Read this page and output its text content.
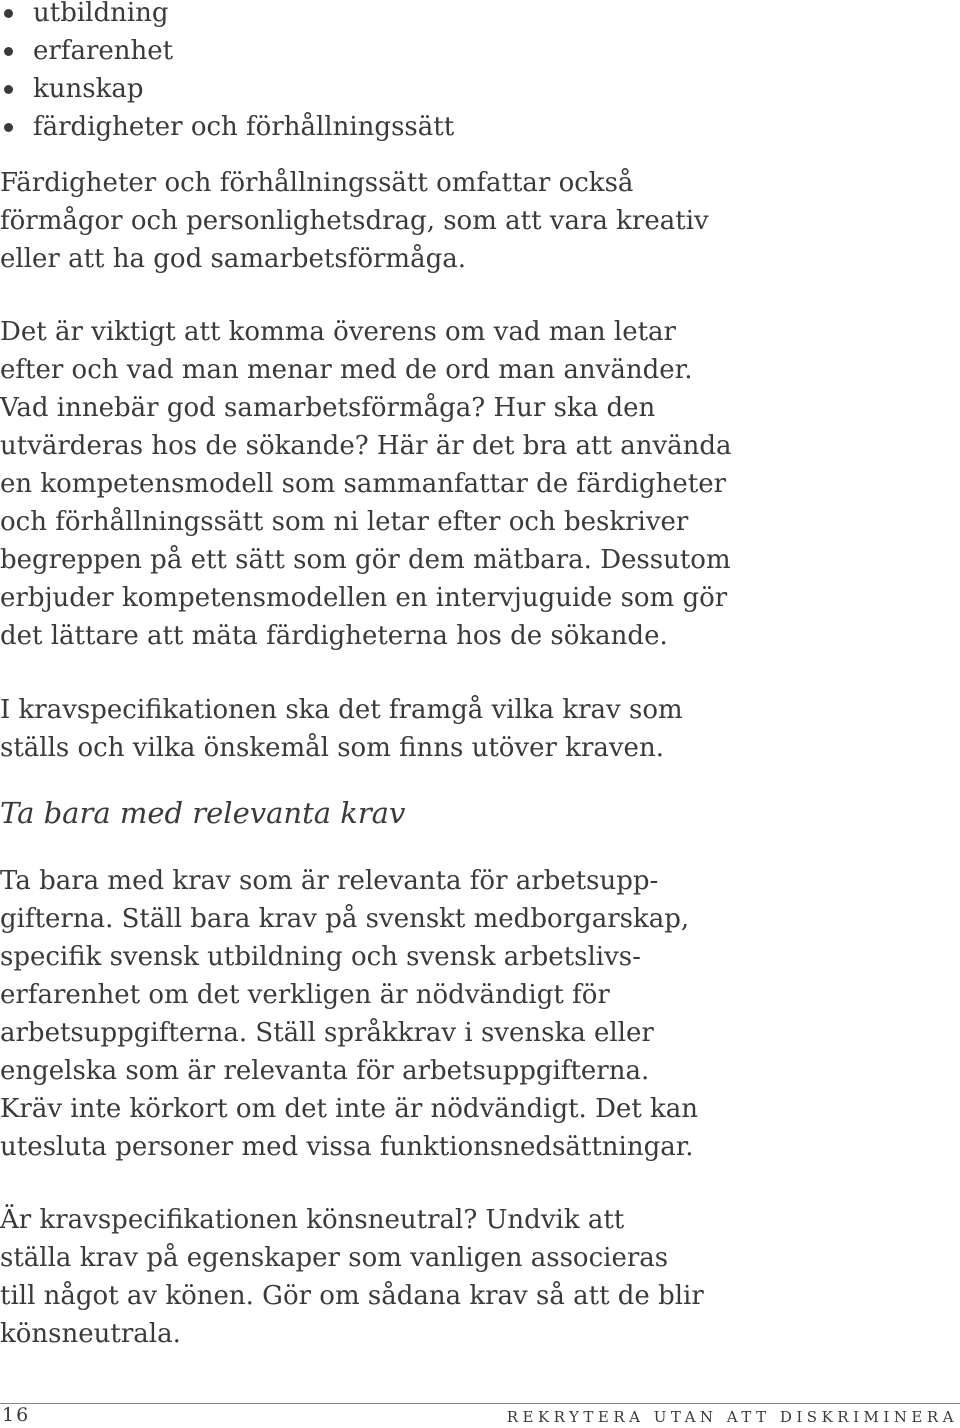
utbildning
erfarenhet
kunskap
färdigheter och förhållningssätt

Färdigheter och förhållningssätt omfattar också
förmågor och personlighetsdrag, som att vara kreativ
eller att ha god samarbetsförmåga.

Det är viktigt att komma överens om vad man letar
efter och vad man menar med de ord man använder.
Vad innebär god samarbetsförmåga? Hur ska den
utvärderas hos de sökande? Här är det bra att använda
en kompetensmodell som sammanfattar de färdigheter
och förhållningssätt som ni letar efter och beskriver
begreppen på ett sätt som gör dem mätbara. Dessutom
erbjuder kompetensmodellen en intervjuguide som gör
det lättare att mäta färdigheterna hos de sökande.

I kravspecifikationen ska det framgå vilka krav som
ställs och vilka önskemål som finns utöver kraven.

Ta bara med relevanta krav

Ta bara med krav som är relevanta för arbetsupp-
gifterna. Ställ bara krav på svenskt medborgarskap,
specifik svensk utbildning och svensk arbetslivs-
erfarenhet om det verkligen är nödvändigt för
arbetsuppgifterna. Ställ språkkrav i svenska eller
engelska som är relevanta för arbetsuppgifterna.
Kräv inte körkort om det inte är nödvändigt. Det kan
utesluta personer med vissa funktionsnedsättningar.

Är kravspecifikationen könsneutral? Undvik att
ställa krav på egenskaper som vanligen associeras
till något av könen. Gör om sådana krav så att de blir
könsneutrala.

16	REKRYTERA UTAN ATT DISKRIMINERA
